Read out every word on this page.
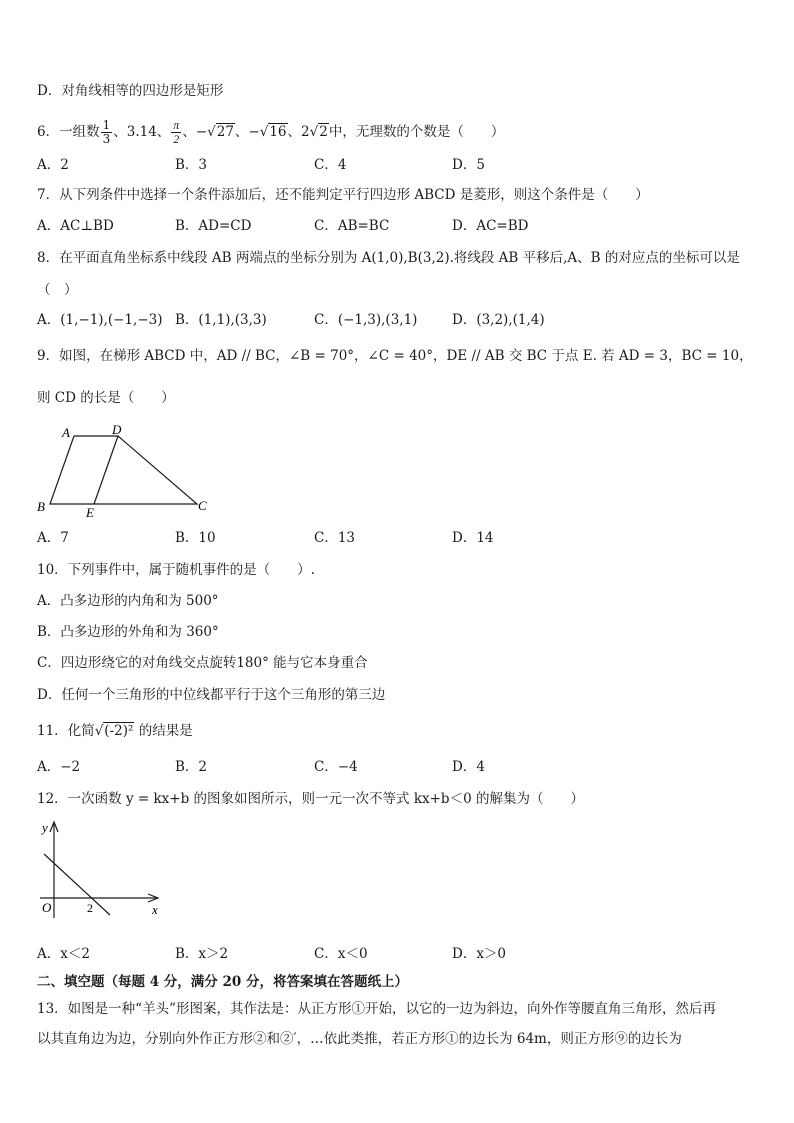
D．对角线相等的四边形是矩形
6．一组数 $\frac{1}{3}$ 、3.14、 $\frac{\pi}{2}$ 、−√27、−√16、2√2中，无理数的个数是（　　）
A．2	B．3	C．4	D．5
7．从下列条件中选择一个条件添加后，还不能判定平行四边形 ABCD 是菱形，则这个条件是（　　）
A．AC⊥BD	B．AD=CD	C．AB=BC	D．AC=BD
8．在平面直角坐标系中线段 AB 两端点的坐标分别为 A(1,0),B(3,2).将线段 AB 平移后,A、B 的对应点的坐标可以是
（　）
A．(1,−1),(−1,−3) B．(1,1),(3,3)	C．(−1,3),(3,1)	D．(3,2),(1,4)
9．如图，在梯形 ABCD 中，AD // BC，∠B = 70°，∠C = 40°，DE // AB 交 BC 于点 E. 若 AD = 3，BC = 10，
则 CD 的长是（　　）
A	D
B	E	C
A．7	B．10	C．13	D．14
10．下列事件中，属于随机事件的是（　　）.
A．凸多边形的内角和为 500°
B．凸多边形的外角和为 360°
C．四边形绕它的对角线交点旋转180° 能与它本身重合
D．任何一个三角形的中位线都平行于这个三角形的第三边
11．化简√(-2)² 的结果是
A．−2	B．2	C．−4	D．4
12．一次函数 y = kx+b 的图象如图所示，则一元一次不等式 kx+b＜0 的解集为（　　）
y
x
O	2
A．x＜2	B．x＞2	C．x＜0	D．x＞0
二、填空题（每题 4 分，满分 20 分，将答案填在答题纸上）
13．如图是一种“羊头”形图案，其作法是：从正方形①开始，以它的一边为斜边，向外作等腰直角三角形，然后再
以其直角边为边，分别向外作正方形②和②′，…依此类推，若正方形①的边长为 64m，则正方形⑨的边长为
